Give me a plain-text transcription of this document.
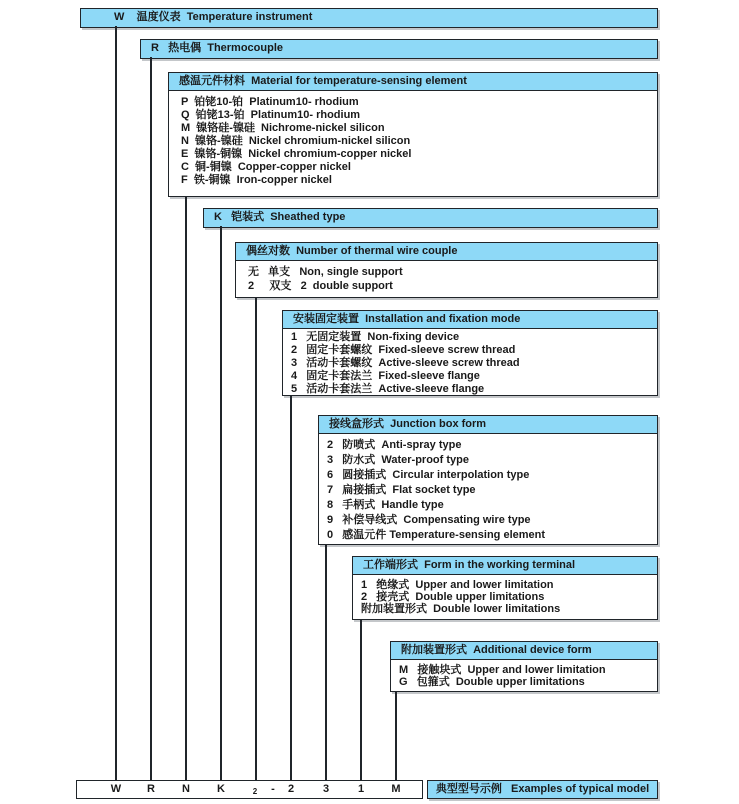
W    温度仪表  Temperature instrument
R   热电偶  Thermocouple
感温元件材料  Material for temperature-sensing element
P  铂铑10-铂  Platinum10- rhodium
Q  铂铑13-铂  Platinum10- rhodium
M  镍铬硅-镍硅  Nichrome-nickel silicon
N  镍铬-镍硅  Nickel chromium-nickel silicon
E  镍铬-铜镍  Nickel chromium-copper nickel
C  铜-铜镍  Copper-copper nickel
F  铁-铜镍  Iron-copper nickel
K   铠装式  Sheathed type
偶丝对数  Number of thermal wire couple
无   单支   Non, single support
2     双支   2  double support
安装固定装置  Installation and fixation mode
1   无固定装置  Non-fixing device
2   固定卡套螺纹  Fixed-sleeve screw thread
3   活动卡套螺纹  Active-sleeve screw thread
4   固定卡套法兰  Fixed-sleeve flange
5   活动卡套法兰  Active-sleeve flange
接线盒形式  Junction box form
2   防喷式  Anti-spray type
3   防水式  Water-proof type
6   圆接插式  Circular interpolation type
7   扁接插式  Flat socket type
8   手柄式  Handle type
9   补偿导线式  Compensating wire type
0   感温元件 Temperature-sensing element
工作端形式  Form in the working terminal
1   绝缘式  Upper and lower limitation
2   接壳式  Double upper limitations
附加装置形式  Double lower limitations
附加装置形式  Additional device form
M   接触块式  Upper and lower limitation
G   包箍式  Double upper limitations
W R N K	2 - 2	3	1 M	典型型号示例   Examples of typical model
